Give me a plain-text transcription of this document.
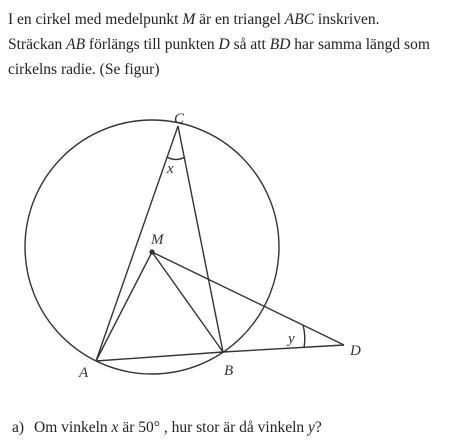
I en cirkel med medelpunkt M är en triangel ABC inskriven.

Sträckan AB förlängs till punkten D så att BD har samma längd som

cirkelns radie. (Se figur)

C
M
A	B
D
x
y
a) Om vinkeln x är 50° , hur stor är då vinkeln y?
